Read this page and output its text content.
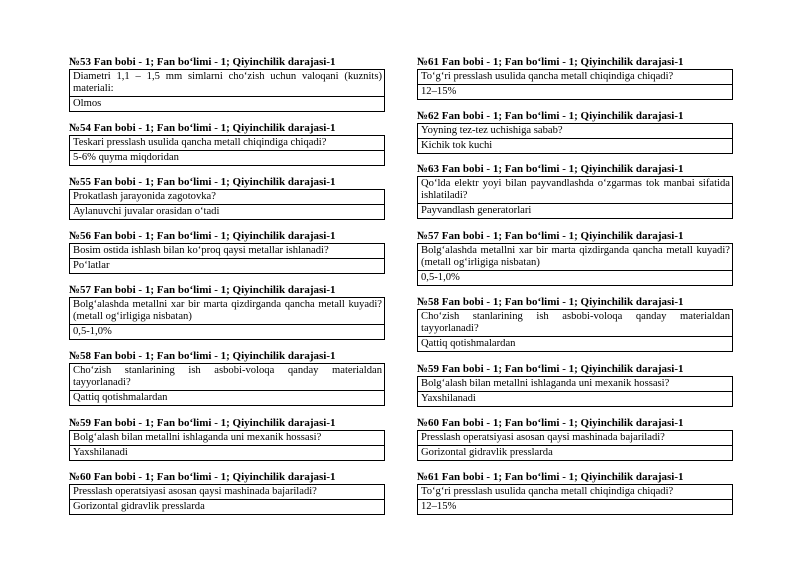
№53 Fan bobi - 1; Fan bo‘limi - 1; Qiyinchilik darajasi-1
Diametri 1,1 – 1,5 mm simlarni cho‘zish uchun valoqani (kuznits) materiali:
Olmos
№54 Fan bobi - 1; Fan bo‘limi - 1; Qiyinchilik darajasi-1
Teskari presslash usulida qancha metall chiqindiga chiqadi?
5-6% quyma miqdoridan
№55 Fan bobi - 1; Fan bo‘limi - 1; Qiyinchilik darajasi-1
Prokatlash jarayonida zagotovka?
Aylanuvchi juvalar orasidan o‘tadi
№56 Fan bobi - 1; Fan bo‘limi - 1; Qiyinchilik darajasi-1
Bosim ostida ishlash bilan ko‘proq qaysi metallar ishlanadi?
Po‘latlar
№57 Fan bobi - 1; Fan bo‘limi - 1; Qiyinchilik darajasi-1
Bolg‘alashda metallni xar bir marta qizdirganda qancha metall kuyadi? (metall og‘irligiga nisbatan)
0,5-1,0%
№58 Fan bobi - 1; Fan bo‘limi - 1; Qiyinchilik darajasi-1
Cho‘zish stanlarining ish asbobi-voloqa qanday materialdan tayyorlanadi?
Qattiq qotishmalardan
№59 Fan bobi - 1; Fan bo‘limi - 1; Qiyinchilik darajasi-1
Bolg‘alash bilan metallni ishlaganda uni mexanik hossasi?
Yaxshilanadi
№60 Fan bobi - 1; Fan bo‘limi - 1; Qiyinchilik darajasi-1
Presslash operatsiyasi asosan qaysi mashinada bajariladi?
Gorizontal gidravlik presslarda
№61 Fan bobi - 1; Fan bo‘limi - 1; Qiyinchilik darajasi-1
To‘g‘ri presslash usulida qancha metall chiqindiga chiqadi?
12–15%
№62 Fan bobi - 1; Fan bo‘limi - 1; Qiyinchilik darajasi-1
Yoyning tez-tez uchishiga sabab?
Kichik tok kuchi
№63 Fan bobi - 1; Fan bo‘limi - 1; Qiyinchilik darajasi-1
Qo‘lda elektr yoyi bilan payvandlashda o‘zgarmas tok manbai sifatida ishlatiladi?
Payvandlash generatorlari
№57 Fan bobi - 1; Fan bo‘limi - 1; Qiyinchilik darajasi-1
Bolg‘alashda metallni xar bir marta qizdirganda qancha metall kuyadi? (metall og‘irligiga nisbatan)
0,5-1,0%
№58 Fan bobi - 1; Fan bo‘limi - 1; Qiyinchilik darajasi-1
Cho‘zish stanlarining ish asbobi-voloqa qanday materialdan tayyorlanadi?
Qattiq qotishmalardan
№59 Fan bobi - 1; Fan bo‘limi - 1; Qiyinchilik darajasi-1
Bolg‘alash bilan metallni ishlaganda uni mexanik hossasi?
Yaxshilanadi
№60 Fan bobi - 1; Fan bo‘limi - 1; Qiyinchilik darajasi-1
Presslash operatsiyasi asosan qaysi mashinada bajariladi?
Gorizontal gidravlik presslarda
№61 Fan bobi - 1; Fan bo‘limi - 1; Qiyinchilik darajasi-1
To‘g‘ri presslash usulida qancha metall chiqindiga chiqadi?
12–15%
